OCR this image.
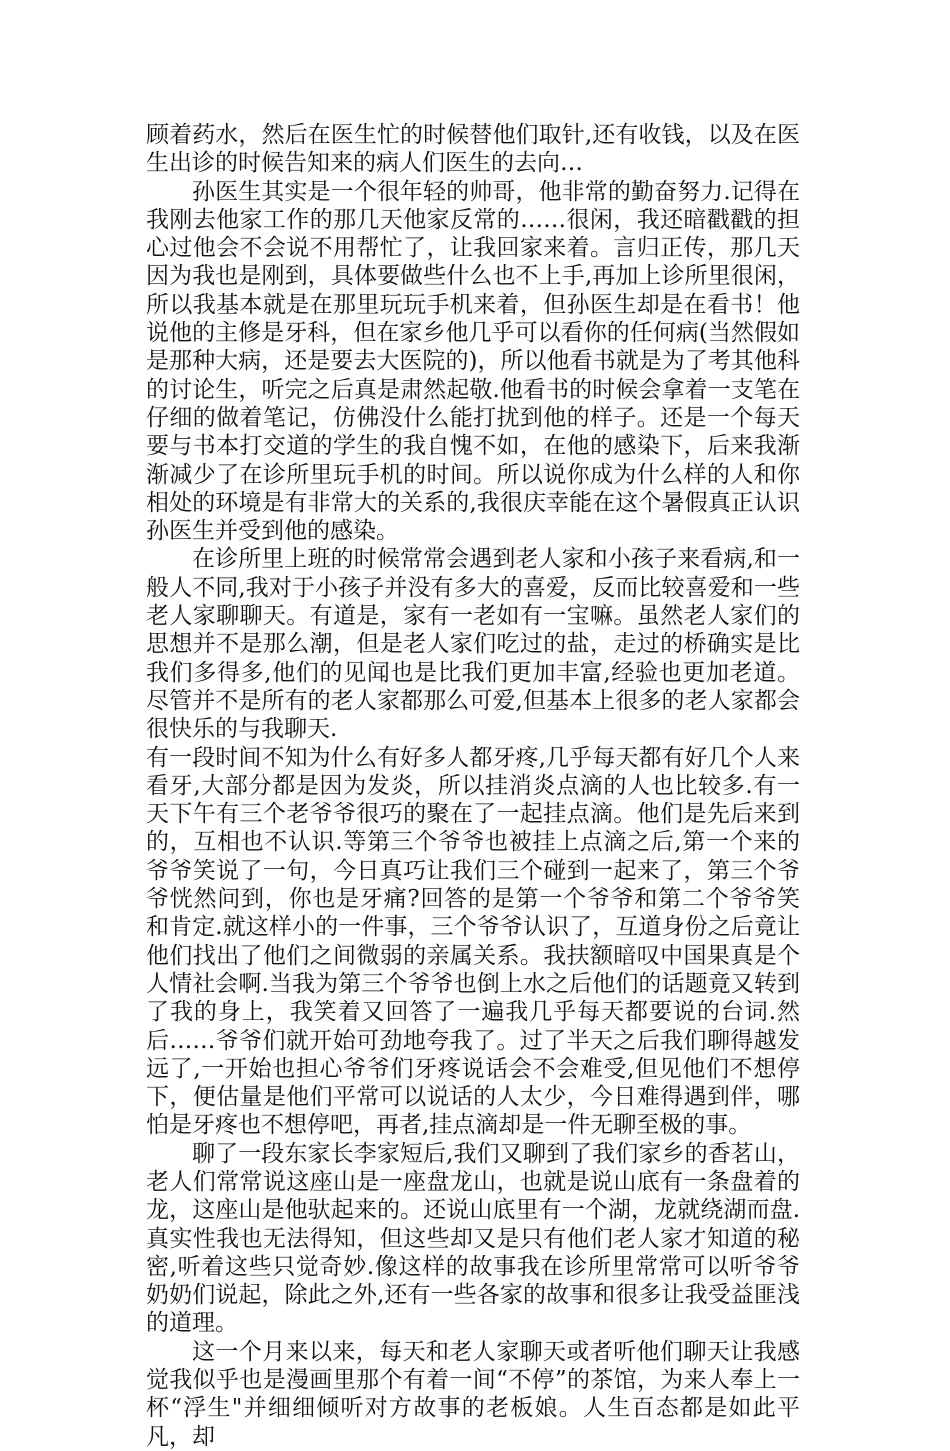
顾着药水，然后在医生忙的时候替他们取针,还有收钱，以及在医生出诊的时候告知来的病人们医生的去向…

孙医生其实是一个很年轻的帅哥，他非常的勤奋努力.记得在我刚去他家工作的那几天他家反常的……很闲，我还暗戳戳的担心过他会不会说不用帮忙了，让我回家来着。言归正传，那几天因为我也是刚到，具体要做些什么也不上手,再加上诊所里很闲，所以我基本就是在那里玩玩手机来着，但孙医生却是在看书！他说他的主修是牙科，但在家乡他几乎可以看你的任何病(当然假如是那种大病，还是要去大医院的)，所以他看书就是为了考其他科的讨论生，听完之后真是肃然起敬.他看书的时候会拿着一支笔在仔细的做着笔记，仿佛没什么能打扰到他的样子。还是一个每天要与书本打交道的学生的我自愧不如，在他的感染下，后来我渐渐减少了在诊所里玩手机的时间。所以说你成为什么样的人和你相处的环境是有非常大的关系的,我很庆幸能在这个暑假真正认识孙医生并受到他的感染。

在诊所里上班的时候常常会遇到老人家和小孩子来看病,和一般人不同,我对于小孩子并没有多大的喜爱，反而比较喜爱和一些老人家聊聊天。有道是，家有一老如有一宝嘛。虽然老人家们的思想并不是那么潮，但是老人家们吃过的盐，走过的桥确实是比我们多得多,他们的见闻也是比我们更加丰富,经验也更加老道。尽管并不是所有的老人家都那么可爱,但基本上很多的老人家都会很快乐的与我聊天.

有一段时间不知为什么有好多人都牙疼,几乎每天都有好几个人来看牙,大部分都是因为发炎，所以挂消炎点滴的人也比较多.有一天下午有三个老爷爷很巧的聚在了一起挂点滴。他们是先后来到的，互相也不认识.等第三个爷爷也被挂上点滴之后,第一个来的爷爷笑说了一句，今日真巧让我们三个碰到一起来了，第三个爷爷恍然问到，你也是牙痛?回答的是第一个爷爷和第二个爷爷笑和肯定.就这样小的一件事，三个爷爷认识了，互道身份之后竟让他们找出了他们之间微弱的亲属关系。我扶额暗叹中国果真是个人情社会啊.当我为第三个爷爷也倒上水之后他们的话题竟又转到了我的身上，我笑着又回答了一遍我几乎每天都要说的台词.然后……爷爷们就开始可劲地夸我了。过了半天之后我们聊得越发远了,一开始也担心爷爷们牙疼说话会不会难受,但见他们不想停下，便估量是他们平常可以说话的人太少，今日难得遇到伴，哪怕是牙疼也不想停吧，再者,挂点滴却是一件无聊至极的事。

聊了一段东家长李家短后,我们又聊到了我们家乡的香茗山，老人们常常说这座山是一座盘龙山，也就是说山底有一条盘着的龙，这座山是他驮起来的。还说山底里有一个湖，龙就绕湖而盘.真实性我也无法得知，但这些却又是只有他们老人家才知道的秘密,听着这些只觉奇妙.像这样的故事我在诊所里常常可以听爷爷奶奶们说起，除此之外,还有一些各家的故事和很多让我受益匪浅的道理。

这一个月来以来，每天和老人家聊天或者听他们聊天让我感觉我似乎也是漫画里那个有着一间“不停”的茶馆，为来人奉上一杯“浮生"并细细倾听对方故事的老板娘。人生百态都是如此平凡，却
